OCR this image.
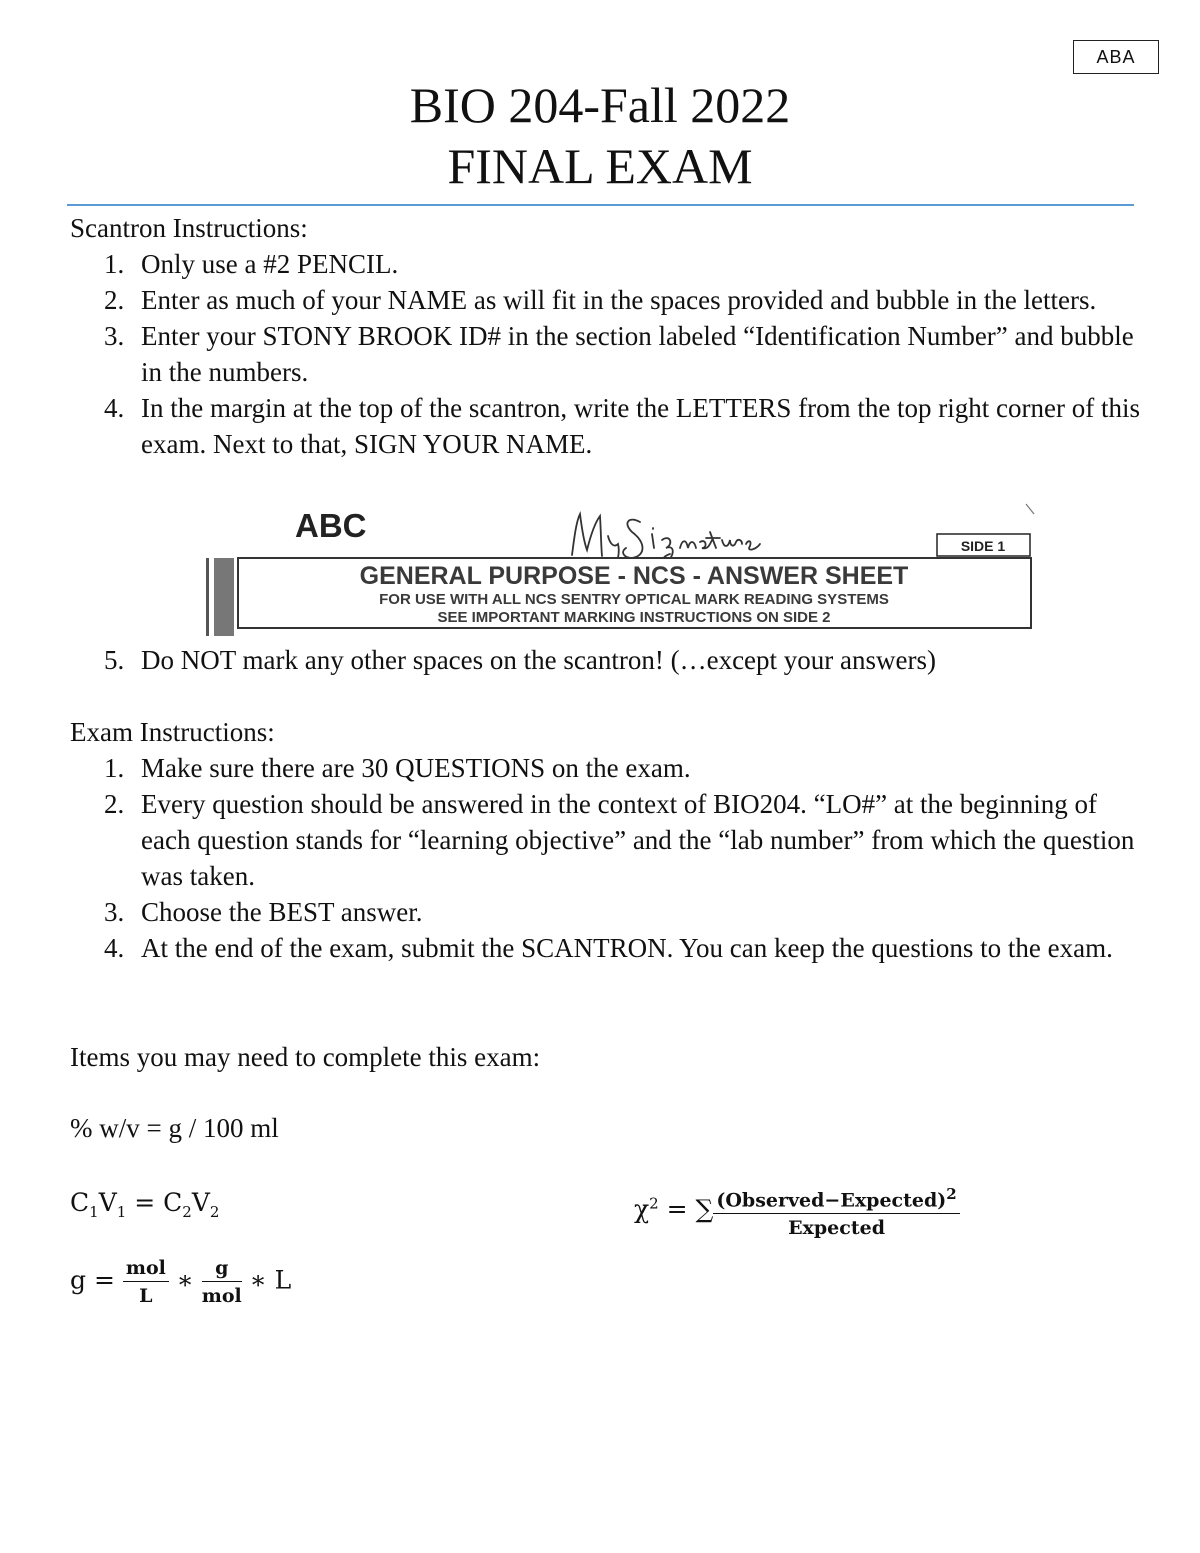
ABA
BIO 204-Fall 2022
FINAL EXAM
Scantron Instructions:
1. Only use a #2 PENCIL.
2. Enter as much of your NAME as will fit in the spaces provided and bubble in the letters.
3. Enter your STONY BROOK ID# in the section labeled “Identification Number” and bubble in the numbers.
4. In the margin at the top of the scantron, write the LETTERS from the top right corner of this exam. Next to that, SIGN YOUR NAME.
ABC
SIDE 1
GENERAL PURPOSE - NCS - ANSWER SHEET
FOR USE WITH ALL NCS SENTRY OPTICAL MARK READING SYSTEMS
SEE IMPORTANT MARKING INSTRUCTIONS ON SIDE 2
5. Do NOT mark any other spaces on the scantron! (…except your answers)
Exam Instructions:
1. Make sure there are 30 QUESTIONS on the exam.
2. Every question should be answered in the context of BIO204. “LO#” at the beginning of each question stands for “learning objective” and the “lab number” from which the question was taken.
3. Choose the BEST answer.
4. At the end of the exam, submit the SCANTRON. You can keep the questions to the exam.
Items you may need to complete this exam:
% w/v = g / 100 ml
$C_1V_1 = C_2V_2$	$\chi^2$ = ∑ $\frac{(Observed-Expected)^2}{\text{Expected}}$
$g = \frac{\text{mol}}{L}$ ∗ $\frac{g}{\text{mol}}$ ∗ L
